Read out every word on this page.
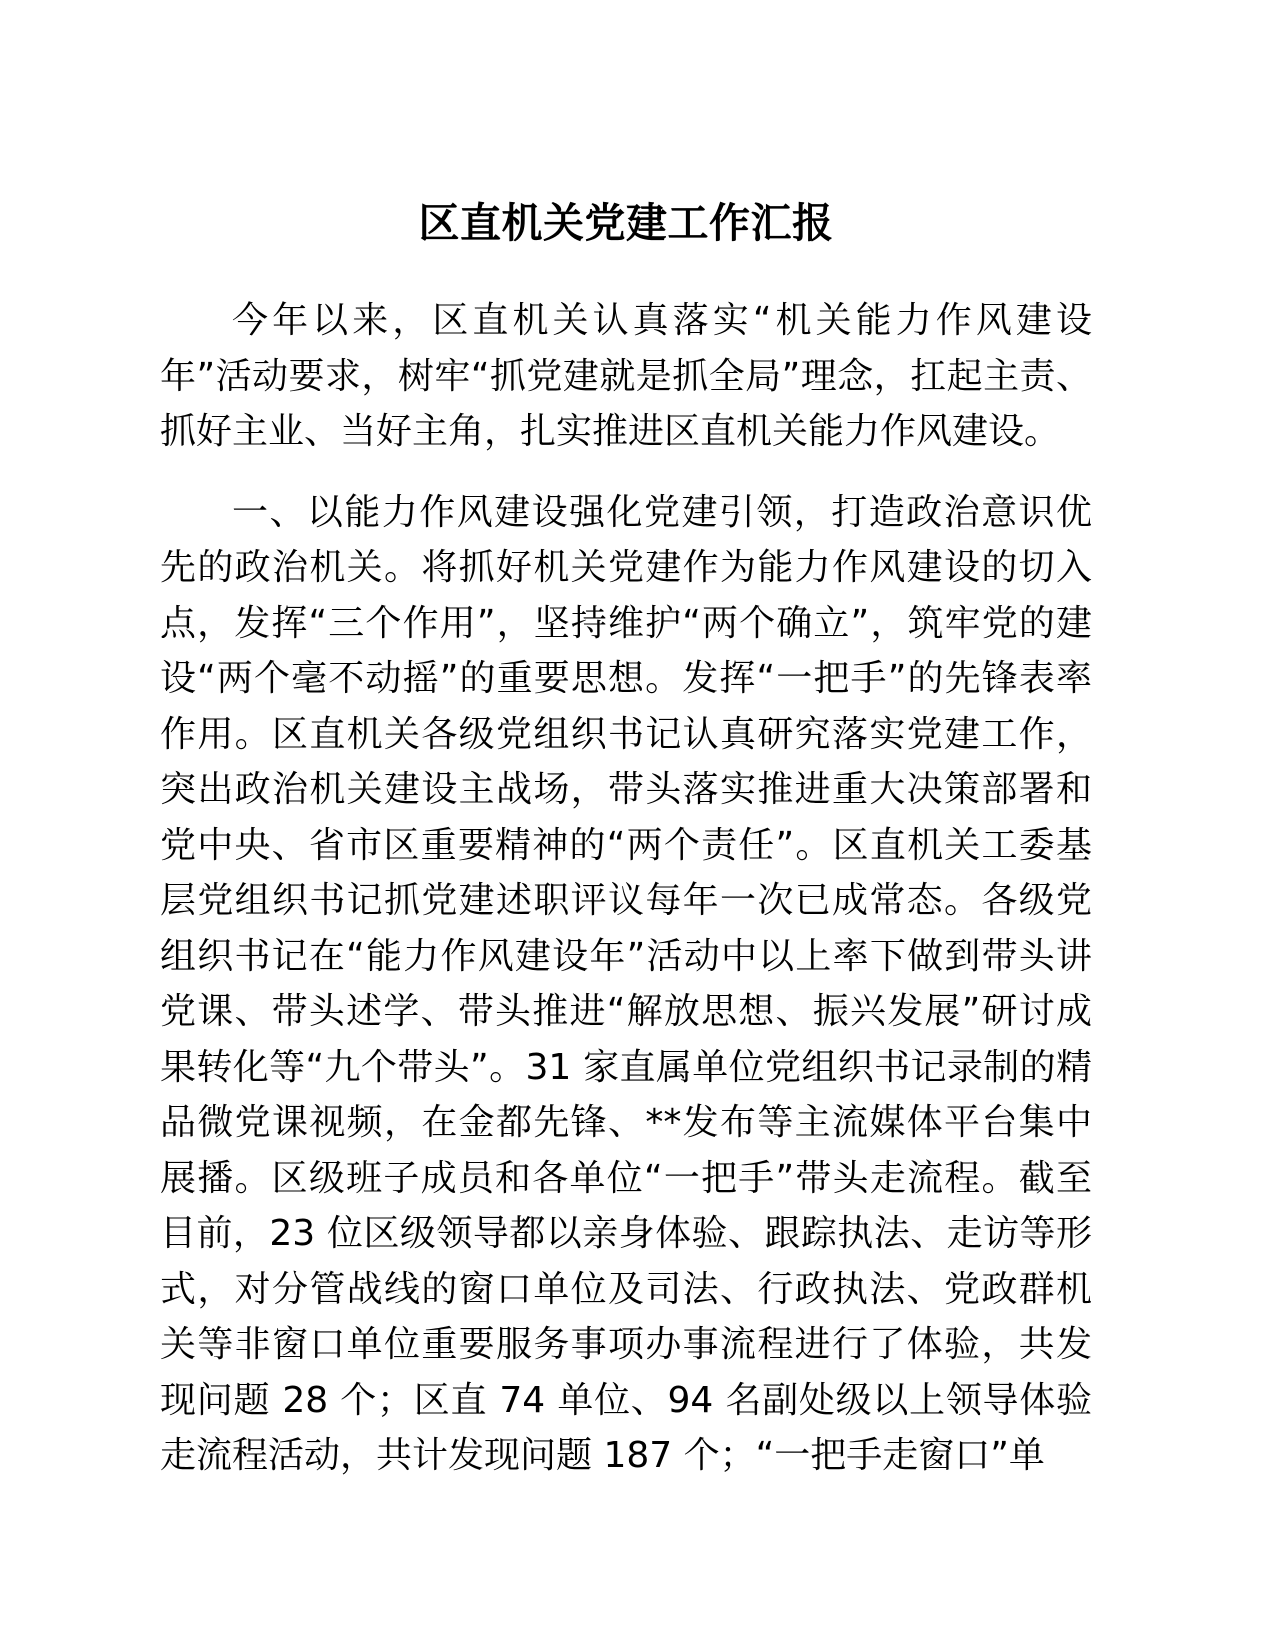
区直机关党建工作汇报

今年以来，区直机关认真落实“机关能力作风建设年”活动要求，树牢“抓党建就是抓全局”理念，扛起主责、抓好主业、当好主角，扎实推进区直机关能力作风建设。

一、以能力作风建设强化党建引领，打造政治意识优先的政治机关。将抓好机关党建作为能力作风建设的切入点，发挥“三个作用”，坚持维护“两个确立”，筑牢党的建设“两个毫不动摇”的重要思想。发挥“一把手”的先锋表率作用。区直机关各级党组织书记认真研究落实党建工作，突出政治机关建设主战场，带头落实推进重大决策部署和党中央、省市区重要精神的“两个责任”。区直机关工委基层党组织书记抓党建述职评议每年一次已成常态。各级党组织书记在“能力作风建设年”活动中以上率下做到带头讲党课、带头述学、带头推进“解放思想、振兴发展”研讨成果转化等“九个带头”。31 家直属单位党组织书记录制的精品微党课视频，在金都先锋、**发布等主流媒体平台集中展播。区级班子成员和各单位“一把手”带头走流程。截至目前，23 位区级领导都以亲身体验、跟踪执法、走访等形式，对分管战线的窗口单位及司法、行政执法、党政群机关等非窗口单位重要服务事项办事流程进行了体验，共发现问题 28 个；区直 74 单位、94 名副处级以上领导体验走流程活动，共计发现问题 187 个；“一把手走窗口”单
